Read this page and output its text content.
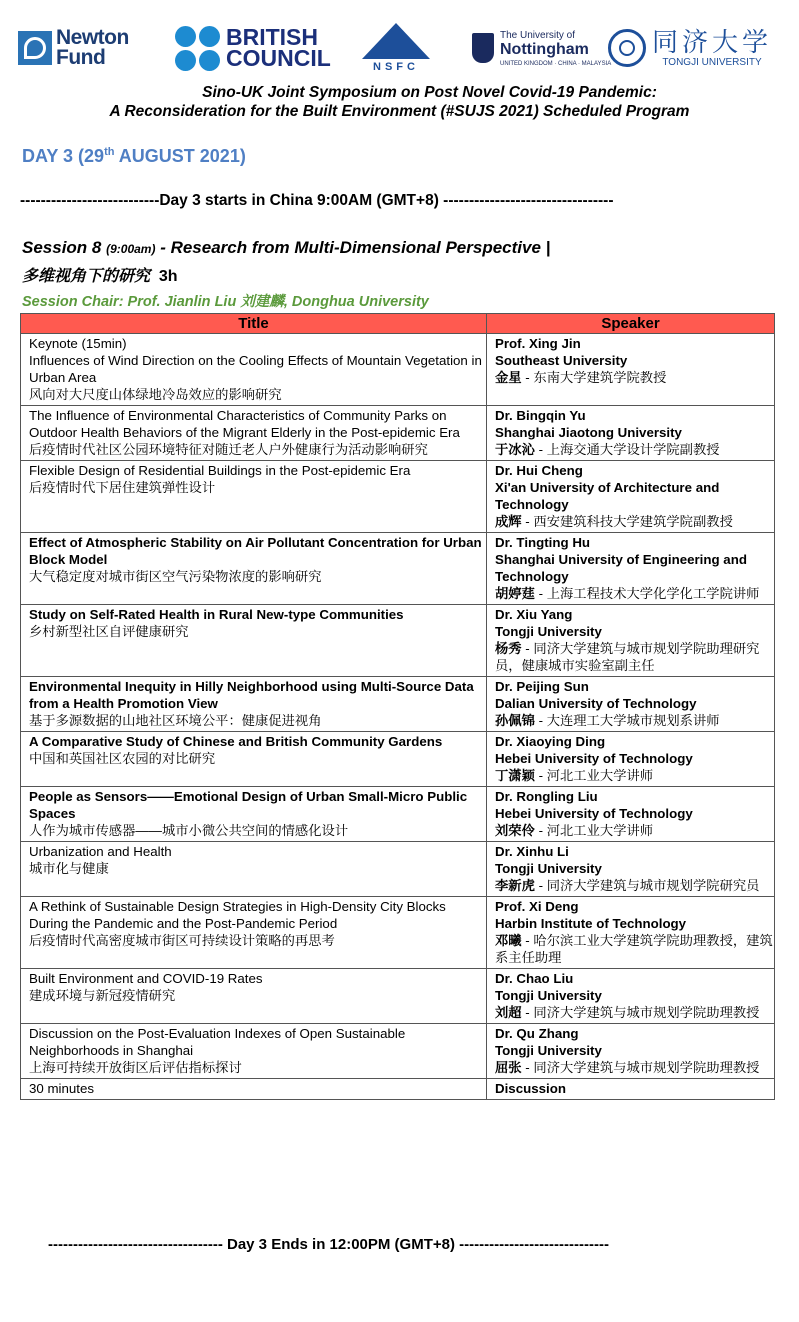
Newton Fund
BRITISH COUNCIL	NSFC
The University of
Nottingham
UNITED KINGDOM · CHINA · MALAYSIA
同济大学
TONGJI UNIVERSITY
Sino-UK Joint Symposium on Post Novel Covid-19 Pandemic:
A Reconsideration for the Built Environment (#SUJS 2021) Scheduled Program
DAY 3 (29th AUGUST 2021)
---------------------------Day 3 starts in China 9:00AM (GMT+8) ---------------------------------
Session 8 (9:00am) - Research from Multi-Dimensional Perspective |
多维视角下的研究 3h
Session Chair: Prof. Jianlin Liu 刘建麟, Donghua University
Title	Speaker

Keynote (15min)
Influences of Wind Direction on the Cooling Effects of Mountain Vegetation in Urban Area
风向对大尺度山体绿地冷岛效应的影响研究	Prof. Xing Jin
Southeast University
金星 - 东南大学建筑学院教授

The Influence of Environmental Characteristics of Community Parks on Outdoor Health Behaviors of the Migrant Elderly in the Post-epidemic Era
后疫情时代社区公园环境特征对随迁老人户外健康行为活动影响研究	Dr. Bingqin Yu
Shanghai Jiaotong University
于冰沁 - 上海交通大学设计学院副教授

Flexible Design of Residential Buildings in the Post-epidemic Era
后疫情时代下居住建筑弹性设计	Dr. Hui Cheng
Xi'an University of Architecture and Technology
成辉 - 西安建筑科技大学建筑学院副教授

Effect of Atmospheric Stability on Air Pollutant Concentration for Urban Block Model
大气稳定度对城市街区空气污染物浓度的影响研究	Dr. Tingting Hu
Shanghai University of Engineering and Technology
胡婷莛 - 上海工程技术大学化学化工学院讲师

Study on Self-Rated Health in Rural New-type Communities
乡村新型社区自评健康研究	Dr. Xiu Yang
Tongji University
杨秀 - 同济大学建筑与城市规划学院助理研究员，健康城市实验室副主任

Environmental Inequity in Hilly Neighborhood using Multi-Source Data from a Health Promotion View
基于多源数据的山地社区环境公平：健康促进视角	Dr. Peijing Sun
Dalian University of Technology
孙佩锦 - 大连理工大学城市规划系讲师

A Comparative Study of Chinese and British Community Gardens
中国和英国社区农园的对比研究	Dr. Xiaoying Ding
Hebei University of Technology
丁潇颖 - 河北工业大学讲师

People as Sensors——Emotional Design of Urban Small-Micro Public Spaces
人作为城市传感器——城市小微公共空间的情感化设计	Dr. Rongling Liu
Hebei University of Technology
刘荣伶 - 河北工业大学讲师

Urbanization and Health
城市化与健康	Dr. Xinhu Li
Tongji University
李新虎 - 同济大学建筑与城市规划学院研究员

A Rethink of Sustainable Design Strategies in High-Density City Blocks During the Pandemic and the Post-Pandemic Period
后疫情时代高密度城市街区可持续设计策略的再思考	Prof. Xi Deng
Harbin Institute of Technology
邓曦 - 哈尔滨工业大学建筑学院助理教授，建筑系主任助理

Built Environment and COVID-19 Rates
建成环境与新冠疫情研究	Dr. Chao Liu
Tongji University
刘超 - 同济大学建筑与城市规划学院助理教授

Discussion on the Post-Evaluation Indexes of Open Sustainable Neighborhoods in Shanghai
上海可持续开放街区后评估指标探讨	Dr. Qu Zhang
Tongji University
屈张 - 同济大学建筑与城市规划学院助理教授

30 minutes	Discussion
----------------------------------- Day 3 Ends in 12:00PM (GMT+8) ------------------------------
